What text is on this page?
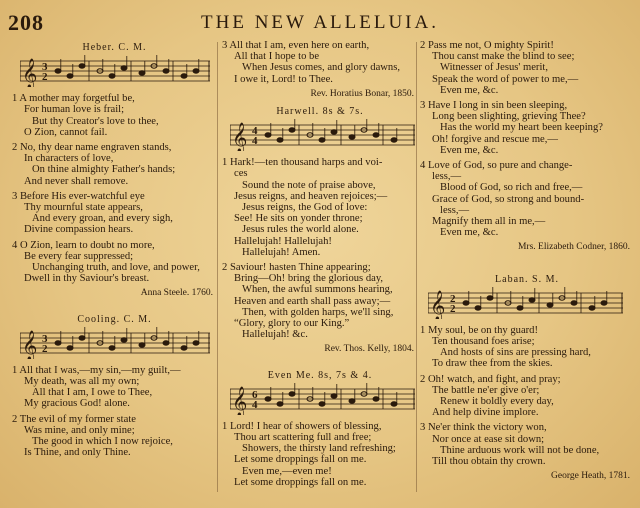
208	THE NEW ALLELUIA.
Heber. C. M.
𝄞 3
2
1 A mother may forgetful be,
For human love is frail;
But thy Creator's love to thee,
O Zion, cannot fail.
2 No, thy dear name engraven stands,
In characters of love,
On thine almighty Father's hands;
And never shall remove.
3 Before His ever-watchful eye
Thy mournful state appears,
And every groan, and every sigh,
Divine compassion hears.
4 O Zion, learn to doubt no more,
Be every fear suppressed;
Unchanging truth, and love, and power,
Dwell in thy Saviour's breast.
Anna Steele. 1760.
Cooling. C. M.
𝄞 3
2
1 All that I was,—my sin,—my guilt,—
My death, was all my own;
All that I am, I owe to Thee,
My gracious God! alone.
2 The evil of my former state
Was mine, and only mine;
The good in which I now rejoice,
Is Thine, and only Thine.
3 All that I am, even here on earth,
All that I hope to be
When Jesus comes, and glory dawns,
I owe it, Lord! to Thee.
Rev. Horatius Bonar, 1850.
Harwell. 8s & 7s.
𝄞 4
4
1 Hark!—ten thousand harps and voi-
ces
Sound the note of praise above,
Jesus reigns, and heaven rejoices;—
Jesus reigns, the God of love:
See! He sits on yonder throne;
Jesus rules the world alone.
Hallelujah! Hallelujah!
Hallelujah! Amen.
2 Saviour! hasten Thine appearing;
Bring—Oh! bring the glorious day,
When, the awful summons hearing,
Heaven and earth shall pass away;—
Then, with golden harps, we'll sing,
“Glory, glory to our King.”
Hallelujah! &c.
Rev. Thos. Kelly, 1804.
Even Me. 8s, 7s & 4.
𝄞 6
4
1 Lord! I hear of showers of blessing,
Thou art scattering full and free;
Showers, the thirsty land refreshing;
Let some droppings fall on me.
Even me,—even me!
Let some droppings fall on me.
2 Pass me not, O mighty Spirit!
Thou canst make the blind to see;
Witnesser of Jesus' merit,
Speak the word of power to me,—
Even me, &c.
3 Have I long in sin been sleeping,
Long been slighting, grieving Thee?
Has the world my heart been keeping?
Oh! forgive and rescue me,—
Even me, &c.
4 Love of God, so pure and change-
less,—
Blood of God, so rich and free,—
Grace of God, so strong and bound-
less,—
Magnify them all in me,—
Even me, &c.
Mrs. Elizabeth Codner, 1860.
Laban. S. M.
𝄞 2
2
1 My soul, be on thy guard!
Ten thousand foes arise;
And hosts of sins are pressing hard,
To draw thee from the skies.
2 Oh! watch, and fight, and pray;
The battle ne'er give o'er;
Renew it boldly every day,
And help divine implore.
3 Ne'er think the victory won,
Nor once at ease sit down;
Thine arduous work will not be done,
Till thou obtain thy crown.
George Heath, 1781.
